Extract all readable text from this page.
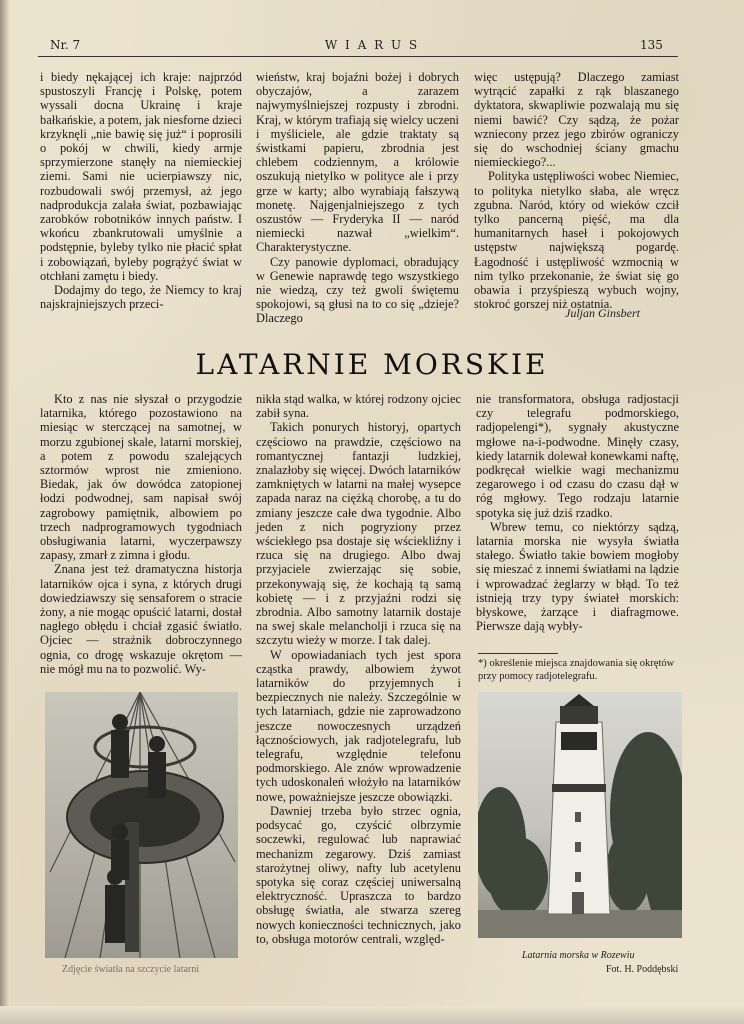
Nr. 7	W I A R U S	135

i biedy nękającej ich kraje: najprzód spustoszyli Francję i Polskę, potem wyssali docna Ukrainę i kraje bałkańskie, a potem, jak niesforne dzieci krzyknęli „nie bawię się już“ i poprosili o pokój w chwili, kiedy armje sprzymierzone stanęły na niemieckiej ziemi. Sami nie ucierpiawszy nic, rozbudowali swój przemysł, aż jego nadprodukcja zalała świat, pozbawiając zarobków robotników innych państw. I wkońcu zbankrutowali umyślnie a podstępnie, byleby tylko nie płacić spłat i zobowiązań, byleby pogrążyć świat w otchłani zamętu i biedy.

Dodajmy do tego, że Niemcy to kraj najskrajniejszych przeci-

wieństw, kraj bojaźni bożej i dobrych obyczajów, a zarazem najwymyślniejszej rozpusty i zbrodni. Kraj, w którym trafiają się wielcy uczeni i myśliciele, ale gdzie traktaty są świstkami papieru, zbrodnia jest chlebem codziennym, a królowie oszukują nietylko w polityce ale i przy grze w karty; albo wyrabiają fałszywą monetę. Najgenjalniejszego z tych oszustów — Fryderyka II — naród niemiecki nazwał „wielkim“. Charakterystyczne.

Czy panowie dyplomaci, obradujący w Genewie naprawdę tego wszystkiego nie wiedzą, czy też gwoli świętemu spokojowi, są głusi na to co się „dzieje? Dlaczego

więc ustępują? Dlaczego zamiast wytrącić zapałki z rąk blaszanego dyktatora, skwapliwie pozwalają mu się niemi bawić? Czy sądzą, że pożar wzniecony przez jego zbirów ograniczy się do wschodniej ściany gmachu niemieckiego?...

Polityka ustępliwości wobec Niemiec, to polityka nietylko słaba, ale wręcz zgubna. Naród, który od wieków czcił tylko pancerną pięść, ma dla humanitarnych haseł i pokojowych ustępstw największą pogardę. Łagodność i ustępliwość wzmocnią w nim tylko przekonanie, że świat się go obawia i przyśpieszą wybuch wojny, stokroć gorszej niż ostatnia.

Juljan Ginsbert
LATARNIE MORSKIE

Kto z nas nie słyszał o przygodzie latarnika, którego pozostawiono na miesiąc w sterczącej na samotnej, w morzu zgubionej skale, latarni morskiej, a potem z powodu szalejących sztormów wprost nie zmieniono. Biedak, jak ów dowódca zatopionej łodzi podwodnej, sam napisał swój zagrobowy pamiętnik, albowiem po trzech nadprogramowych tygodniach obsługiwania latarni, wyczerpawszy zapasy, zmarł z zimna i głodu.

Znana jest też dramatyczna historja latarników ojca i syna, z których drugi dowiedziawszy się sensaforem o stracie żony, a nie mogąc opuścić latarni, dostał nagłego obłędu i chciał zgasić światło. Ojciec — strażnik dobroczynnego ognia, co drogę wskazuje okrętom — nie mógł mu na to pozwolić. Wy-

nikła stąd walka, w której rodzony ojciec zabił syna.

Takich ponurych historyj, opartych częściowo na prawdzie, częściowo na romantycznej fantazji ludzkiej, znalazłoby się więcej. Dwóch latarników zamkniętych w latarni na małej wysepce zapada naraz na ciężką chorobę, a tu do zmiany jeszcze całe dwa tygodnie. Albo jeden z nich pogryziony przez wściekłego psa dostaje się wściekliźny i rzuca się na drugiego. Albo dwaj przyjaciele zwierzając się sobie, przekonywają się, że kochają tą samą kobietę — i z przyjaźni rodzi się zbrodnia. Albo samotny latarnik dostaje na swej skale melancholji i rzuca się na szczytu wieży w morze. I tak dalej.

W opowiadaniach tych jest spora cząstka prawdy, albowiem żywot latarników do przyjemnych i bezpiecznych nie należy. Szczególnie w tych latarniach, gdzie nie zaprowadzono jeszcze nowoczesnych urządzeń łącznościowych, jak radjotelegrafu, lub telegrafu, względnie telefonu podmorskiego. Ale znów wprowadzenie tych udoskonaleń włożyło na latarników nowe, poważniejsze jeszcze obowiązki.

Dawniej trzeba było strzec ognia, podsycać go, czyścić olbrzymie soczewki, regulować lub naprawiać mechanizm zegarowy. Dziś zamiast starożytnej oliwy, nafty lub acetylenu spotyka się coraz częściej uniwersalną elektryczność. Upraszcza to bardzo obsługę światła, ale stwarza szereg nowych konieczności technicznych, jako to, obsługa motorów centrali, względ-

nie transformatora, obsługa radjostacji czy telegrafu podmorskiego, radjopelengi*), sygnały akustyczne mgłowe na-i-podwodne. Minęły czasy, kiedy latarnik dolewał konewkami naftę, podkręcał wielkie wagi mechanizmu zegarowego i od czasu do czasu dął w róg mgłowy. Tego rodzaju latarnie spotyka się już dziś rzadko.

Wbrew temu, co niektórzy sądzą, latarnia morska nie wysyła światła stałego. Światło takie bowiem mogłoby się mieszać z innemi światłami na lądzie i wprowadzać żeglarzy w błąd. To też istnieją trzy typy świateł morskich: błyskowe, żarzące i diafragmowe. Pierwsze dają wybły-

*) określenie miejsca znajdowania się okrętów przy pomocy radjotelegrafu.
Zdjęcie światła na szczycie latarni
Latarnia morska w Rozewiu
Fot. H. Poddębski
